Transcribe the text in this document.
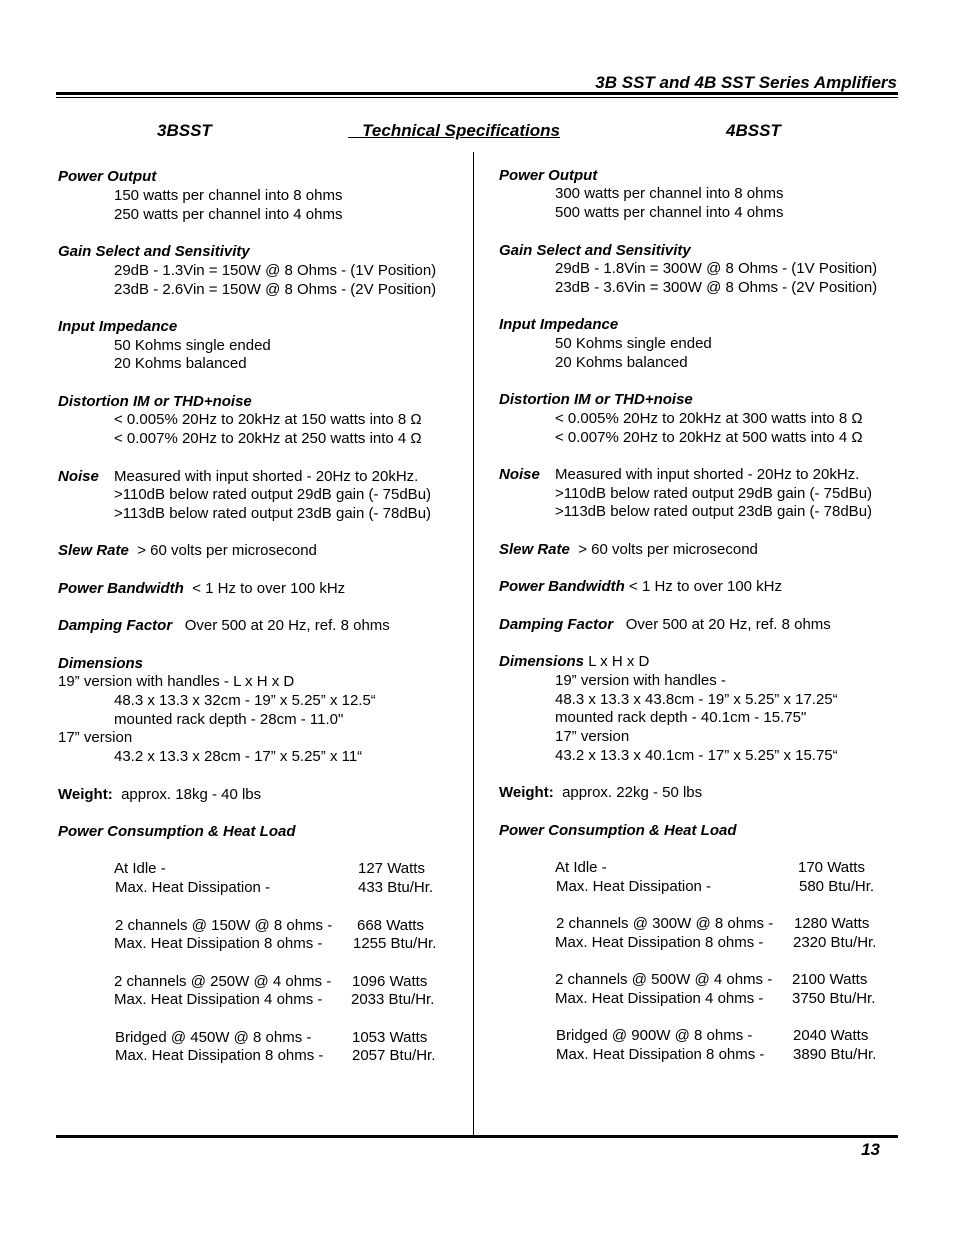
3B SST and 4B SST Series Amplifiers
3BSST	Technical Specifications	4BSST
Power Output
150 watts per channel into 8 ohms
250 watts per channel into 4 ohms
Gain Select and Sensitivity
29dB - 1.3Vin = 150W @ 8 Ohms - (1V Position)
23dB - 2.6Vin = 150W @ 8 Ohms - (2V Position)
Input Impedance
50 Kohms single ended
20 Kohms balanced
Distortion IM or THD+noise
< 0.005% 20Hz to 20kHz at 150 watts into 8 Ω
< 0.007% 20Hz to 20kHz at 250 watts into 4 Ω
Noise Measured with input shorted - 20Hz to 20kHz.
>110dB below rated output 29dB gain (- 75dBu)
>113dB below rated output 23dB gain (- 78dBu)
Slew Rate > 60 volts per microsecond
Power Bandwidth < 1 Hz to over 100 kHz
Damping Factor Over 500 at 20 Hz, ref. 8 ohms
Dimensions
19” version with handles - L x H x D
48.3 x 13.3 x 32cm - 19” x 5.25” x 12.5“
mounted rack depth - 28cm - 11.0"
17” version
43.2 x 13.3 x 28cm - 17” x 5.25” x 11“
Weight: approx. 18kg - 40 lbs
Power Consumption & Heat Load
At Idle -	127 Watts
Max. Heat Dissipation -	433 Btu/Hr.
2 channels @ 150W @ 8 ohms - 668 Watts
Max. Heat Dissipation 8 ohms - 1255 Btu/Hr.
2 channels @ 250W @ 4 ohms - 1096 Watts
Max. Heat Dissipation 4 ohms - 2033 Btu/Hr.
Bridged @ 450W @ 8 ohms -	1053 Watts
Max. Heat Dissipation 8 ohms - 2057 Btu/Hr.
Power Output
300 watts per channel into 8 ohms
500 watts per channel into 4 ohms
Gain Select and Sensitivity
29dB - 1.8Vin = 300W @ 8 Ohms - (1V Position)
23dB - 3.6Vin = 300W @ 8 Ohms - (2V Position)
Input Impedance
50 Kohms single ended
20 Kohms balanced
Distortion IM or THD+noise
< 0.005% 20Hz to 20kHz at 300 watts into 8 Ω
< 0.007% 20Hz to 20kHz at 500 watts into 4 Ω
Noise Measured with input shorted - 20Hz to 20kHz.
>110dB below rated output 29dB gain (- 75dBu)
>113dB below rated output 23dB gain (- 78dBu)
Slew Rate > 60 volts per microsecond
Power Bandwidth < 1 Hz to over 100 kHz
Damping Factor Over 500 at 20 Hz, ref. 8 ohms
Dimensions L x H x D
19” version with handles -
48.3 x 13.3 x 43.8cm - 19” x 5.25” x 17.25“
mounted rack depth - 40.1cm - 15.75"
17” version
43.2 x 13.3 x 40.1cm - 17” x 5.25” x 15.75“
Weight: approx. 22kg - 50 lbs
Power Consumption & Heat Load
At Idle -	170 Watts
Max. Heat Dissipation -	580 Btu/Hr.
2 channels @ 300W @ 8 ohms - 1280 Watts
Max. Heat Dissipation 8 ohms - 2320 Btu/Hr.
2 channels @ 500W @ 4 ohms - 2100 Watts
Max. Heat Dissipation 4 ohms - 3750 Btu/Hr.
Bridged @ 900W @ 8 ohms -	2040 Watts
Max. Heat Dissipation 8 ohms - 3890 Btu/Hr.
13
